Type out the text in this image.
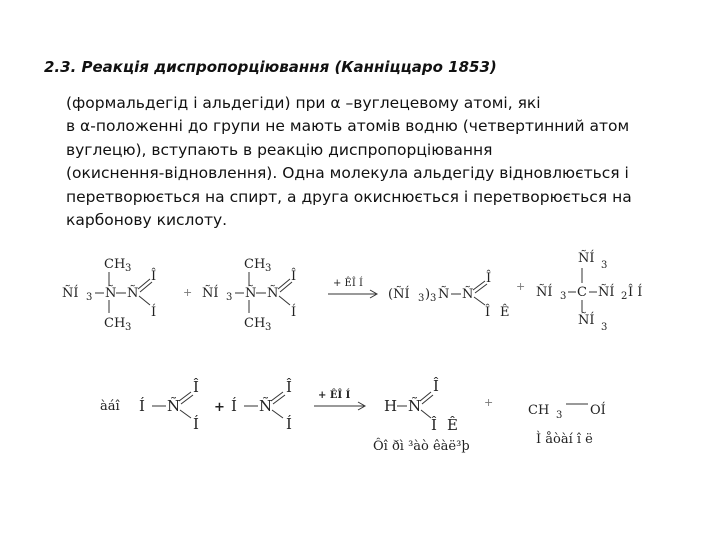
2.3. Реакція диспропорціювання (Канніццаро 1853)
(формальдегід і альдегіди) при α –вуглецевому атомі, які
в α-положенні до групи не мають атомів водню (четвертинний атом
вуглецю), вступають в реакцію диспропорціювання
(окиснення-відновлення). Одна молекула альдегіду відновлюється і
перетворюється на спирт, а друга окиснюється і перетворюється на
карбонову кислоту.
CH 3
ÑÍ 3 Ñ Ñ
Î
Í
CH 3
+
CH 3
ÑÍ 3 Ñ Ñ
Î
Í
CH 3
+ ÊÎ Í
(ÑÍ 3 ) 3 Ñ Ñ
Î
Î Ê
+
ÑÍ 3
ÑÍ 3 C ÑÍ 2 Î Í
ÑÍ 3
àáî Í Ñ
Î
Í
+ Í Ñ
Î
Í
+ ÊÎ Í
H Ñ
Î
Î Ê
Ôî ðì ³àò êàë³þ
+
CH 3 OÍ
Ì åòàí î ë
